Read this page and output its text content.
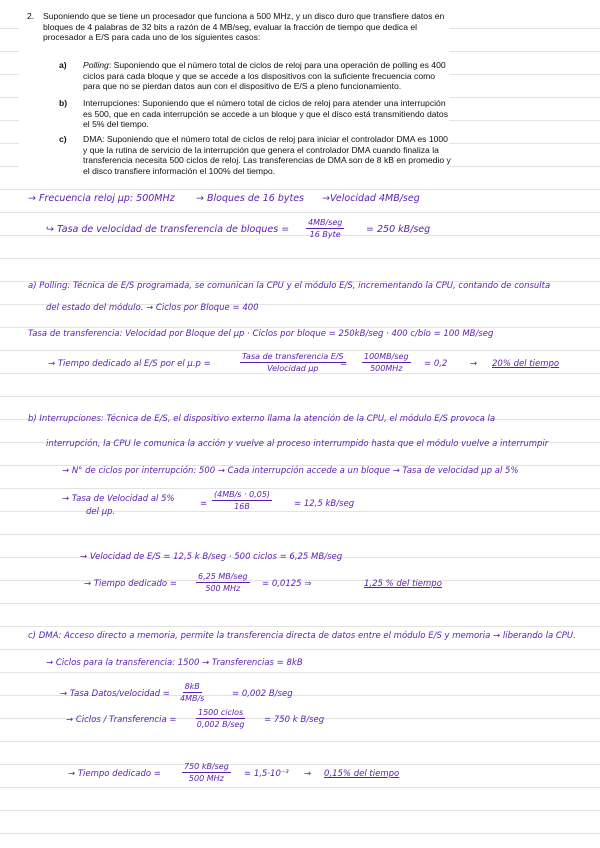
2. Suponiendo que se tiene un procesador que funciona a 500 MHz, y un disco duro que transfiere datos en bloques de 4 palabras de 32 bits a razón de 4 MB/seg, evaluar la fracción de tiempo que dedica el procesador a E/S para cada uno de los siguientes casos:
a) Polling: Suponiendo que el número total de ciclos de reloj para una operación de polling es 400 ciclos para cada bloque y que se accede a los dispositivos con la suficiente frecuencia como para que no se pierdan datos aun con el dispositivo de E/S a pleno funcionamiento.
b) Interrupciones: Suponiendo que el número total de ciclos de reloj para atender una interrupción es 500, que en cada interrupción se accede a un bloque y que el disco está transmitiendo datos el 5% del tiempo.
c) DMA: Suponiendo que el número total de ciclos de reloj para iniciar el controlador DMA es 1000 y que la rutina de servicio de la interrupción que genera el controlador DMA cuando finaliza la transferencia necesita 500 ciclos de reloj. Las transferencias de DMA son de 8 kB en promedio y el disco transfiere información el 100% del tiempo.
→ Frecuencia reloj µp: 500MHz → Bloques de 16 bytes →Velocidad 4MB/seg
↪ Tasa de velocidad de transferencia de bloques =
4MB/seg
16 Byte	= 250 kB/seg
a) Polling: Técnica de E/S programada, se comunican la CPU y el módulo E/S, incrementando la CPU, contando de consulta
del estado del módulo. → Ciclos por Bloque = 400
Tasa de transferencia: Velocidad por Bloque del µp · Ciclos por bloque = 250kB/seg · 400 c/blo = 100 MB/seg
→ Tiempo dedicado al E/S por el µ.p =
Tasa de transferencia E/S
Velocidad µp	=
100MB/seg
500MHz	= 0,2	→ 20% del tiempo
b) Interrupciones: Técnica de E/S, el dispositivo externo llama la atención de la CPU, el módulo E/S provoca la
interrupción, la CPU le comunica la acción y vuelve al proceso interrumpido hasta que el módulo vuelve a interrumpir
→ N° de ciclos por interrupción: 500 → Cada interrupción accede a un bloque → Tasa de velocidad µp al 5%
→ Tasa de Velocidad al 5%
del µp.
= $\frac{(4MB/s \cdot 0,05)}{16B}$	= 12,5 kB/seg
→ Velocidad de E/S = 12,5 k B/seg · 500 ciclos = 6,25 MB/seg
→ Tiempo dedicado =
6,25 MB/seg
500 MHz	= 0,0125 ⇒	1,25 % del tiempo
c) DMA: Acceso directo a memoria, permite la transferencia directa de datos entre el módulo E/S y memoria → liberando la CPU.
→ Ciclos para la transferencia: 1500 → Transferencias = 8kB
→ Tasa Datos/velocidad = $\frac{8kB}{4MB/s}$	= 0,002 B/seg
→ Ciclos / Transferencia =
1500 ciclos
0,002 B/seg = 750 k B/seg
→ Tiempo dedicado =
750 kB/seg
500 MHz = 1,5·10⁻³ → 0,15% del tiempo
